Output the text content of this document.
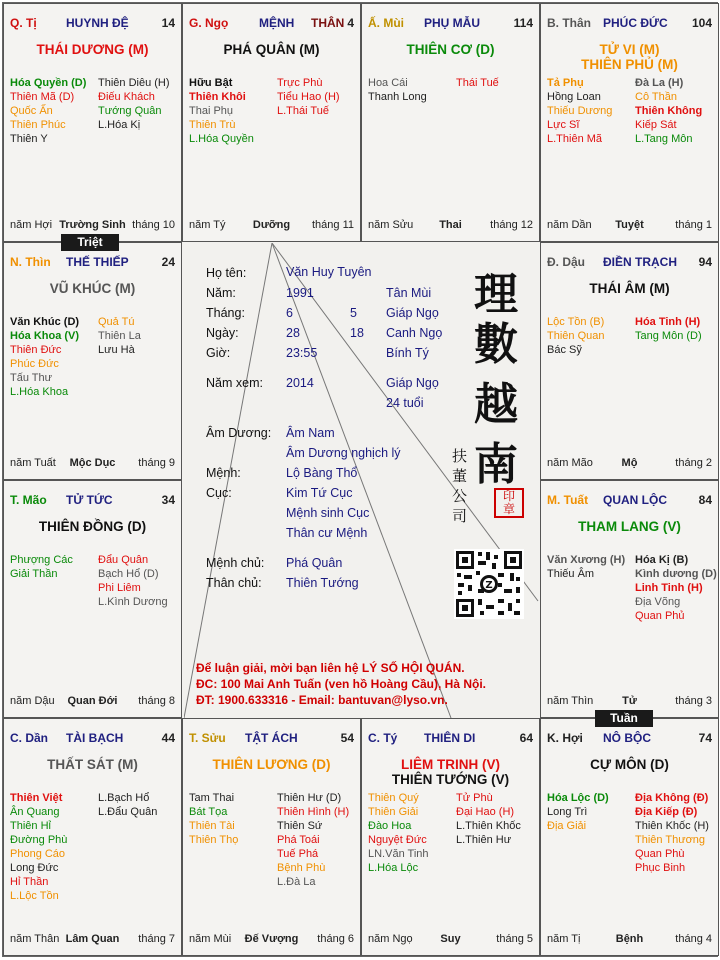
Q. Tị HUYNH ĐỆ	14
THÁI DƯƠNG (M)
Hóa Quyền (D)
Thiên Mã (D)
Quốc Ấn
Thiên Phúc
Thiên Y
Thiên Diêu (H)
Điếu Khách
Tướng Quân
L.Hóa Kị
năm Hợi Trường Sinh tháng 10
G. Ngọ	MỆNH THÂN 4
PHÁ QUÂN (M)
Hữu Bật
Thiên Khôi
Thai Phụ
Thiên Trù
L.Hóa Quyền
Trực Phù
Tiểu Hao (H)
L.Thái Tuế
năm Tý	Dưỡng	tháng 11
Ấ. Mùi PHỤ MẪU	114
THIÊN CƠ (D)
Hoa Cái
Thanh Long
Thái Tuế
năm Sửu	Thai	tháng 12
B. Thân PHÚC ĐỨC 104
TỬ VI (M)
THIÊN PHỦ (M)
Tả Phụ
Hồng Loan
Thiếu Dương
Lực Sĩ
L.Thiên Mã
Đà La (H)
Cô Thần
Thiên Không
Kiếp Sát
L.Tang Môn
năm Dần	Tuyệt	tháng 1
N. Thìn THẾ THIẾP	24
VŨ KHÚC (M)
Văn Khúc (D)
Hóa Khoa (V)
Thiên Đức
Phúc Đức
Tấu Thư
L.Hóa Khoa
Quả Tú
Thiên La
Lưu Hà
năm Tuất	Mộc Dục	tháng 9
Đ. Dậu ĐIỀN TRẠCH 94
THÁI ÂM (M)
Lộc Tồn (B)
Thiên Quan
Bác Sỹ
Hóa Tinh (H)
Tang Môn (D)
năm Mão	Mộ	tháng 2
T. Mão TỬ TỨC	34
THIÊN ĐỒNG (D)
Phượng Các
Giải Thần
Đẩu Quân
Bạch Hổ (D)
Phi Liêm
L.Kình Dương
năm Dậu	Quan Đới	tháng 8
M. Tuất QUAN LỘC	84
THAM LANG (V)
Văn Xương (H)
Thiếu Âm
Hóa Kị (B)
Kình dương (D)
Linh Tinh (H)
Địa Võng
Quan Phủ
năm Thìn	Tử	tháng 3
C. Dần TÀI BẠCH	44
THẤT SÁT (M)
Thiên Việt
Ân Quang
Thiên Hỉ
Đường Phù
Phong Cáo
Long Đức
Hỉ Thần
L.Lộc Tồn
L.Bạch Hổ
L.Đẩu Quân
năm Thân Lâm Quan	tháng 7
T. Sửu TẬT ÁCH	54
THIÊN LƯƠNG (D)
Tam Thai
Bát Tọa
Thiên Tài
Thiên Thọ
Thiên Hư (D)
Thiên Hình (H)
Thiên Sứ
Phá Toái
Tuế Phá
Bệnh Phù
L.Đà La
năm Mùi	Đế Vượng	tháng 6
C. Tý THIÊN DI	64
LIÊM TRINH (V)
THIÊN TƯỚNG (V)
Thiên Quý
Thiên Giải
Đào Hoa
Nguyệt Đức
LN.Văn Tinh
L.Hóa Lộc
Tử Phù
Đại Hao (H)
L.Thiên Khốc
L.Thiên Hư
năm Ngọ	Suy	tháng 5
K. Hợi NÔ BỘC	74
CỰ MÔN (D)
Hóa Lộc (D)
Long Trì
Địa Giải
Địa Không (Đ)
Địa Kiếp (Đ)
Thiên Khốc (H)
Thiên Thương
Quan Phù
Phục Binh
năm Tị	Bệnh	tháng 4
Triệt
Tuần
Họ tên:	Văn Huy Tuyên
Năm:	1991	Tân Mùi
Tháng:	6	5 Giáp Ngọ
Ngày:	28	18 Canh Ngọ
Giờ:	23:55	Bính Tý
Năm xem: 2014	Giáp Ngọ
24 tuổi
Âm Dương: Âm Nam
Âm Dương nghịch lý
Mệnh:	Lộ Bàng Thổ
Cục:	Kim Tứ Cục
Mệnh sinh Cục
Thân cư Mệnh
Mệnh chủ: Phá Quân
Thân chủ: Thiên Tướng
理
數
越
南
扶
董
公
司
印
章
Z
Để luận giải, mời bạn liên hệ LÝ SỐ HỘI QUÁN.
ĐC: 100 Mai Anh Tuấn (ven hồ Hoàng Cầu), Hà Nội.
ĐT: 1900.633316 - Email: bantuvan@lyso.vn.
